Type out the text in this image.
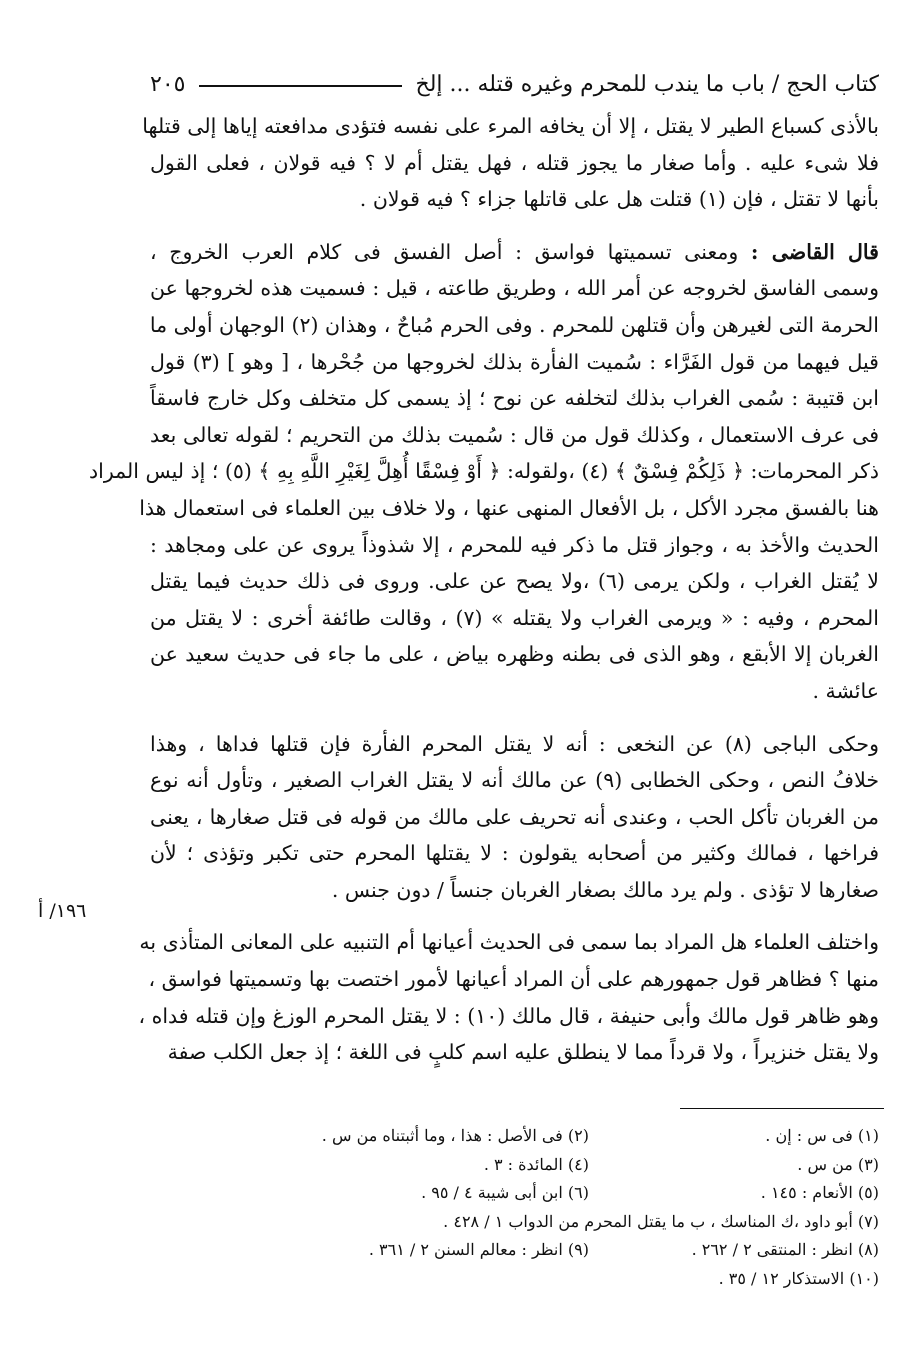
كتاب الحج / باب ما يندب للمحرم وغيره قتله ... إلخ
٢٠٥
بالأذى كسباع الطير لا يقتل ، إلا أن يخافه المرء على نفسه فتؤدى مدافعته إياها إلى قتلها
فلا شىء عليه . وأما صغار ما يجوز قتله ، فهل يقتل أم لا ؟ فيه قولان ، فعلى القول
بأنها لا تقتل ، فإن (١) قتلت هل على قاتلها جزاء ؟ فيه قولان .
قال القاضى : ومعنى تسميتها فواسق : أصل الفسق فى كلام العرب الخروج ،
وسمى الفاسق لخروجه عن أمر الله ، وطريق طاعته ، قيل : فسميت هذه لخروجها عن
الحرمة التى لغيرهن وأن قتلهن للمحرم . وفى الحرم مُباحٌ ، وهذان (٢) الوجهان أولى ما
قيل فيهما من قول الفَرَّاء : سُميت الفأرة بذلك لخروجها من جُحْرها ، [ وهو ] (٣) قول
ابن قتيبة : سُمى الغراب بذلك لتخلفه عن نوح ؛ إذ يسمى كل متخلف وكل خارج فاسقاً
فى عرف الاستعمال ، وكذلك قول من قال : سُميت بذلك من التحريم ؛ لقوله تعالى بعد
ذكر المحرمات: ﴿ ذَلِكُمْ فِسْقٌ ﴾ (٤) ،ولقوله: ﴿ أَوْ فِسْقًا أُهِلَّ لِغَيْرِ اللَّهِ بِهِ ﴾ (٥) ؛ إذ ليس المراد
هنا بالفسق مجرد الأكل ، بل الأفعال المنهى عنها ، ولا خلاف بين العلماء فى استعمال هذا
الحديث والأخذ به ، وجواز قتل ما ذكر فيه للمحرم ، إلا شذوذاً يروى عن على ومجاهد :
لا يُقتل الغراب ، ولكن يرمى (٦) ،ولا يصح عن على. وروى فى ذلك حديث فيما يقتل
المحرم ، وفيه : « ويرمى الغراب ولا يقتله » (٧) ، وقالت طائفة أخرى : لا يقتل من
الغربان إلا الأبقع ، وهو الذى فى بطنه وظهره بياض ، على ما جاء فى حديث سعيد عن
عائشة .
وحكى الباجى (٨) عن النخعى : أنه لا يقتل المحرم الفأرة فإن قتلها فداها ، وهذا
خلافُ النص ، وحكى الخطابى (٩) عن مالك أنه لا يقتل الغراب الصغير ، وتأول أنه نوع
من الغربان تأكل الحب ، وعندى أنه تحريف على مالك من قوله فى قتل صغارها ، يعنى
فراخها ، فمالك وكثير من أصحابه يقولون : لا يقتلها المحرم حتى تكبر وتؤذى ؛ لأن
صغارها لا تؤذى . ولم يرد مالك بصغار الغربان جنساً / دون جنس .
واختلف العلماء هل المراد بما سمى فى الحديث أعيانها أم التنبيه على المعانى المتأذى به
منها ؟ فظاهر قول جمهورهم على أن المراد أعيانها لأمور اختصت بها وتسميتها فواسق ،
وهو ظاهر قول مالك وأبى حنيفة ، قال مالك (١٠) : لا يقتل المحرم الوزغ وإن قتله فداه ،
ولا يقتل خنزيراً ، ولا قرداً مما لا ينطلق عليه اسم كلبٍ فى اللغة ؛ إذ جعل الكلب صفة
١٩٦/ أ
(١) فى س : إن .
(٢) فى الأصل : هذا ، وما أثبتناه من س .
(٣) من س .
(٤) المائدة : ٣ .
(٥) الأنعام : ١٤٥ .
(٦) ابن أبى شيبة ٤ / ٩٥ .
(٧) أبو داود ،ك المناسك ، ب ما يقتل المحرم من الدواب ١ / ٤٢٨ .
(٨) انظر : المنتقى ٢ / ٢٦٢ .
(٩) انظر : معالم السنن ٢ / ٣٦١ .
(١٠) الاستذكار ١٢ / ٣٥ .
